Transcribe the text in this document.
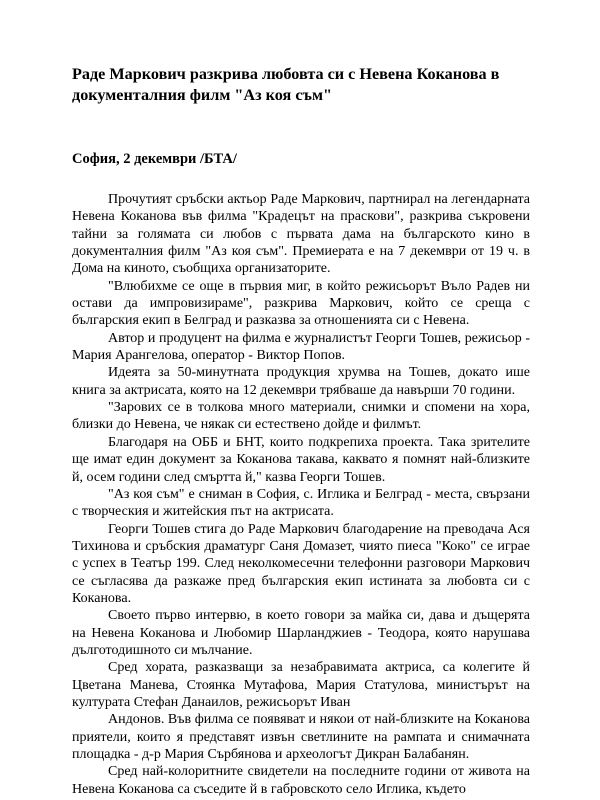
Раде Маркович разкрива любовта си с Невена Коканова в документалния филм "Аз коя съм"

София, 2 декември /БТА/

Прочутият сръбски актьор Раде Маркович, партнирал на легендарната Невена Коканова във филма "Крадецът на праскови", разкрива съкровени тайни за голямата си любов с първата дама на българското кино в документалния филм "Аз коя съм". Премиерата е на 7 декември от 19 ч. в Дома на киното, съобщиха организаторите.

"Влюбихме се още в първия миг, в който режисьорът Въло Радев ни остави да импровизираме", разкрива Маркович, който се среща с българския екип в Белград и разказва за отношенията си с Невена.

Автор и продуцент на филма е журналистът Георги Тошев, режисьор - Мария Арангелова, оператор - Виктор Попов.

Идеята за 50-минутната продукция хрумва на Тошев, докато ише книга за актрисата, която на 12 декември трябваше да навърши 70 години.

"Зарових се в толкова много материали, снимки и спомени на хора, близки до Невена, че някак си естествено дойде и филмът.

Благодаря на ОББ и БНТ, които подкрепиха проекта. Така зрителите ще имат един документ за Коканова такава, каквато я помнят най-близките й, осем години след смъртта й," казва Георги Тошев.

"Аз коя съм" е сниман в София, с. Иглика и Белград - места, свързани с творческия и житейския път на актрисата.

Георги Тошев стига до Раде Маркович благодарение на преводача Ася Тихинова и сръбския драматург Саня Домазет, чиято пиеса "Коко" се играе с успех в Театър 199. След неколкомесечни телефонни разговори Маркович се съгласява да разкаже пред българския екип истината за любовта си с Коканова.

Своето първо интервю, в което говори за майка си, дава и дъщерята на Невена Коканова и Любомир Шарланджиев - Теодора, която нарушава дълготодишното си мълчание.

Сред хората, разказващи за незабравимата актриса, са колегите й Цветана Манева, Стоянка Мутафова, Мария Статулова, министърът на културата Стефан Данаилов, режисьорът Иван

Андонов. Във филма се появяват и някои от най-близките на Коканова приятели, които я представят извън светлините на рампата и снимачната площадка - д-р Мария Сърбянова и археологът Дикран Балабанян.

Сред най-колоритните свидетели на последните години от живота на Невена Коканова са съседите й в габровското село Иглика, където
